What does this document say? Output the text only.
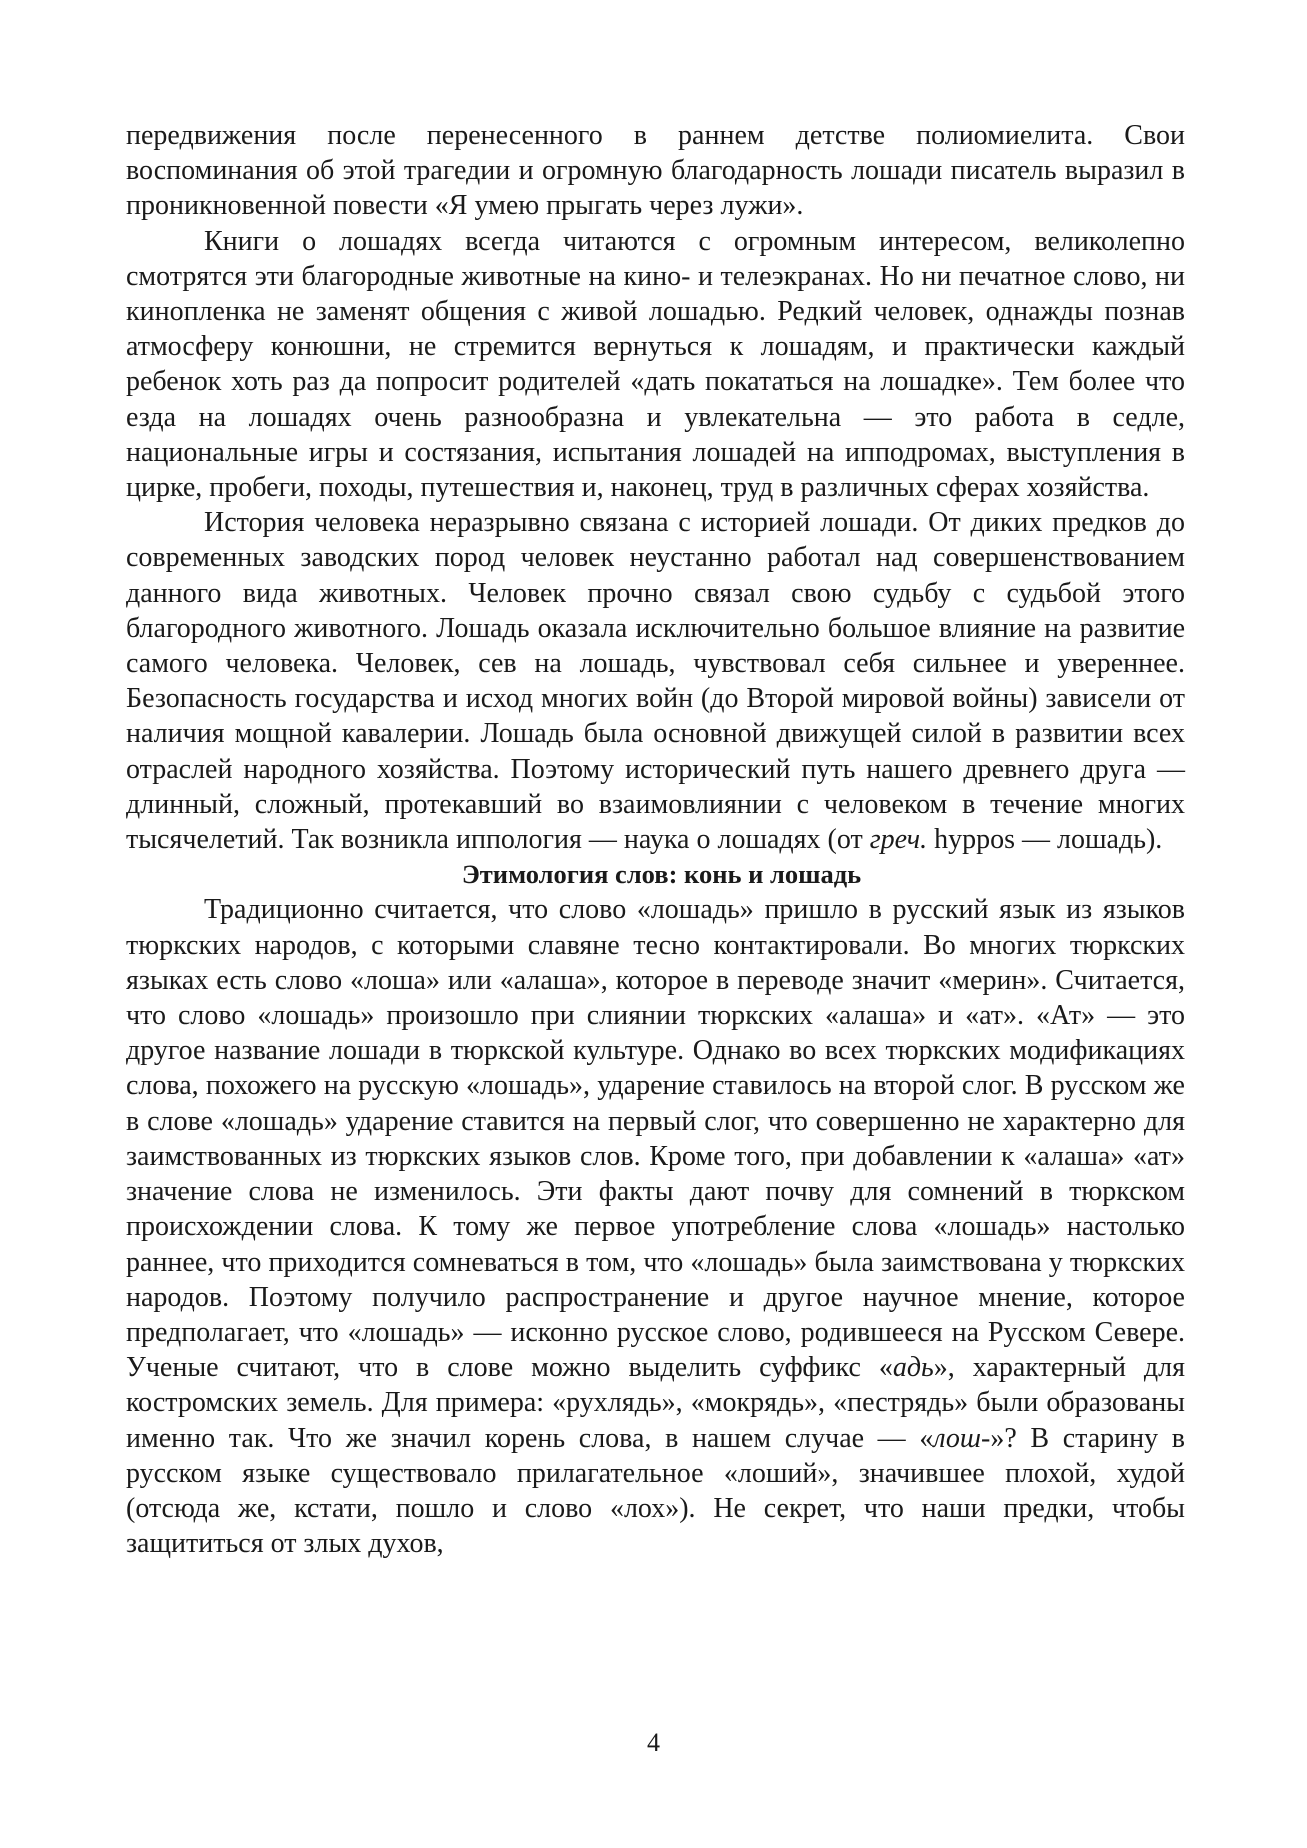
передвижения после перенесенного в раннем детстве полиомиелита. Свои воспоминания об этой трагедии и огромную благодарность лошади писатель выразил в проникновенной повести «Я умею прыгать через лужи».

Книги о лошадях всегда читаются с огромным интересом, великолепно смотрятся эти благородные животные на кино- и телеэкранах. Но ни печатное слово, ни кинопленка не заменят общения с живой лошадью. Редкий человек, однажды познав атмосферу конюшни, не стремится вернуться к лошадям, и практически каждый ребенок хоть раз да попросит родителей «дать покататься на лошадке». Тем более что езда на лошадях очень разнообразна и увлекательна — это работа в седле, национальные игры и состязания, испытания лошадей на ипподромах, выступления в цирке, пробеги, походы, путешествия и, наконец, труд в различных сферах хозяйства.

История человека неразрывно связана с историей лошади. От диких предков до современных заводских пород человек неустанно работал над совершенствованием данного вида животных. Человек прочно связал свою судьбу с судьбой этого благородного животного. Лошадь оказала исключительно большое влияние на развитие самого человека. Человек, сев на лошадь, чувствовал себя сильнее и увереннее. Безопасность государства и исход многих войн (до Второй мировой войны) зависели от наличия мощной кавалерии. Лошадь была основной движущей силой в развитии всех отраслей народного хозяйства. Поэтому исторический путь нашего древнего друга — длинный, сложный, протекавший во взаимовлиянии с человеком в течение многих тысячелетий. Так возникла иппология — наука о лошадях (от греч. hyppos — лошадь).

Этимология слов: конь и лошадь

Традиционно считается, что слово «лошадь» пришло в русский язык из языков тюркских народов, с которыми славяне тесно контактировали. Во многих тюркских языках есть слово «лоша» или «алаша», которое в переводе значит «мерин». Считается, что слово «лошадь» произошло при слиянии тюркских «алаша» и «ат». «Ат» — это другое название лошади в тюркской культуре. Однако во всех тюркских модификациях слова, похожего на русскую «лошадь», ударение ставилось на второй слог. В русском же в слове «лошадь» ударение ставится на первый слог, что совершенно не характерно для заимствованных из тюркских языков слов. Кроме того, при добавлении к «алаша» «ат» значение слова не изменилось. Эти факты дают почву для сомнений в тюркском происхождении слова. К тому же первое употребление слова «лошадь» настолько раннее, что приходится сомневаться в том, что «лошадь» была заимствована у тюркских народов. Поэтому получило распространение и другое научное мнение, которое предполагает, что «лошадь» — исконно русское слово, родившееся на Русском Севере. Ученые считают, что в слове можно выделить суффикс «адь», характерный для костромских земель. Для примера: «рухлядь», «мокрядь», «пестрядь» были образованы именно так. Что же значил корень слова, в нашем случае — «лош-»? В старину в русском языке существовало прилагательное «лоший», значившее плохой, худой (отсюда же, кстати, пошло и слово «лох»). Не секрет, что наши предки, чтобы защититься от злых духов,

4
